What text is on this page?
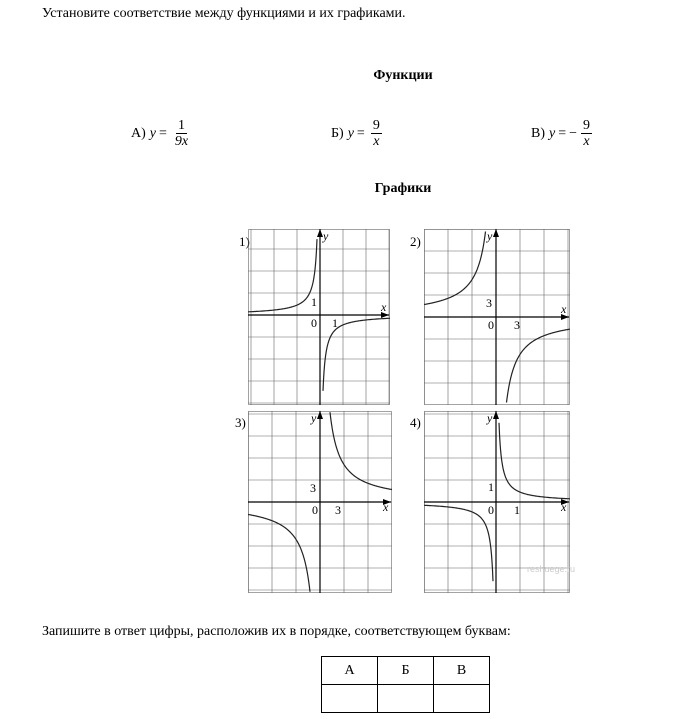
Установите соответствие между функциями и их графиками.
Функции
А) $y = \frac{1}{9x}$	Б) $y = \frac{9}{x}$	В) y = − $\frac{9}{x}$
Графики
1)	2)
3)	4)
y
x
1
1
0
y
x
3
3
0
y
x
3
3
0
y
x
1
1
0
reshuege.ru
Запишите в ответ цифры, расположив их в порядке, соответствующем буквам:
А	Б	В
